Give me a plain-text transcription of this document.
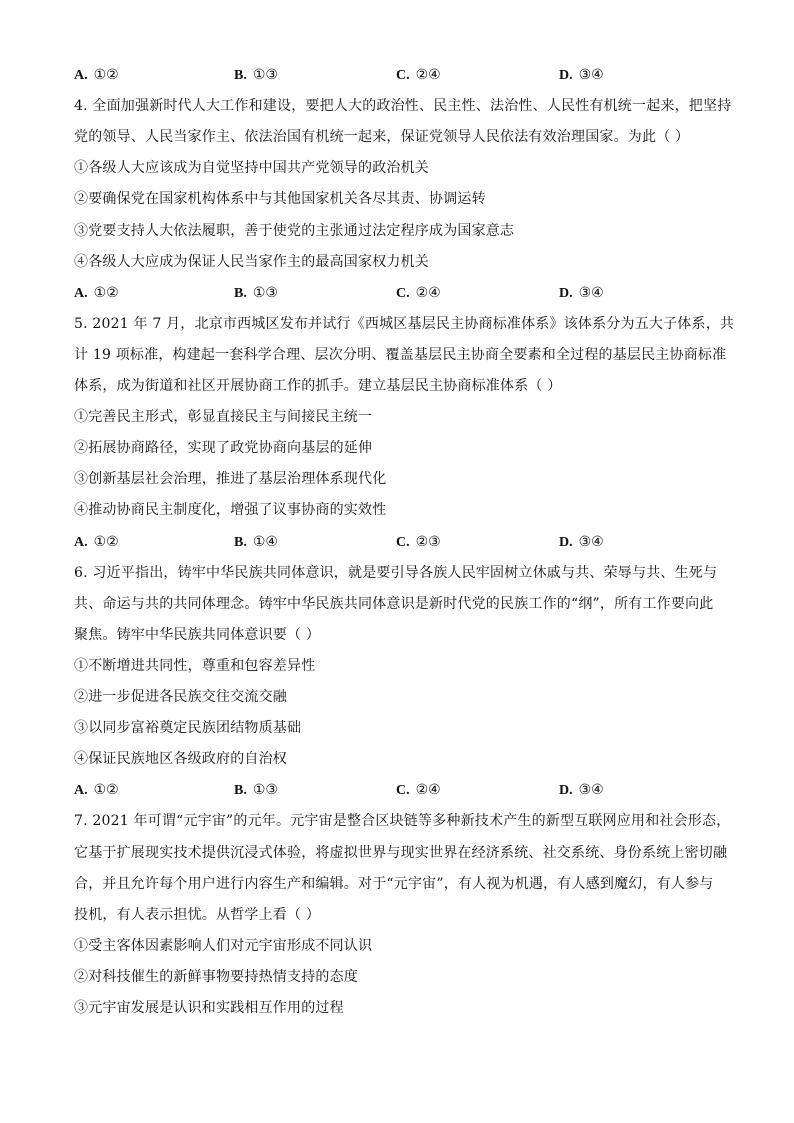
A. ①②	B. ①③	C. ②④	D. ③④
4. 全面加强新时代人大工作和建设，要把人大的政治性、民主性、法治性、人民性有机统一起来，把坚持
党的领导、人民当家作主、依法治国有机统一起来，保证党领导人民依法有效治理国家。为此（ ）
①各级人大应该成为自觉坚持中国共产党领导的政治机关
②要确保党在国家机构体系中与其他国家机关各尽其责、协调运转
③党要支持人大依法履职，善于使党的主张通过法定程序成为国家意志
④各级人大应成为保证人民当家作主的最高国家权力机关
A. ①②	B. ①③	C. ②④	D. ③④
5. 2021 年 7 月，北京市西城区发布并试行《西城区基层民主协商标准体系》该体系分为五大子体系，共
计 19 项标准，构建起一套科学合理、层次分明、覆盖基层民主协商全要素和全过程的基层民主协商标准
体系，成为街道和社区开展协商工作的抓手。建立基层民主协商标准体系（ ）
①完善民主形式，彰显直接民主与间接民主统一
②拓展协商路径，实现了政党协商向基层的延伸
③创新基层社会治理，推进了基层治理体系现代化
④推动协商民主制度化，增强了议事协商的实效性
A. ①②	B. ①④	C. ②③	D. ③④
6. 习近平指出，铸牢中华民族共同体意识，就是要引导各族人民牢固树立休戚与共、荣辱与共、生死与
共、命运与共的共同体理念。铸牢中华民族共同体意识是新时代党的民族工作的“纲”，所有工作要向此
聚焦。铸牢中华民族共同体意识要（ ）
①不断增进共同性，尊重和包容差异性
②进一步促进各民族交往交流交融
③以同步富裕奠定民族团结物质基础
④保证民族地区各级政府的自治权
A. ①②	B. ①③	C. ②④	D. ③④
7. 2021 年可谓“元宇宙”的元年。元宇宙是整合区块链等多种新技术产生的新型互联网应用和社会形态，
它基于扩展现实技术提供沉浸式体验，将虚拟世界与现实世界在经济系统、社交系统、身份系统上密切融
合，并且允许每个用户进行内容生产和编辑。对于“元宇宙”，有人视为机遇，有人感到魔幻，有人参与
投机，有人表示担忧。从哲学上看（ ）
①受主客体因素影响人们对元宇宙形成不同认识
②对科技催生的新鲜事物要持热情支持的态度
③元宇宙发展是认识和实践相互作用的过程
